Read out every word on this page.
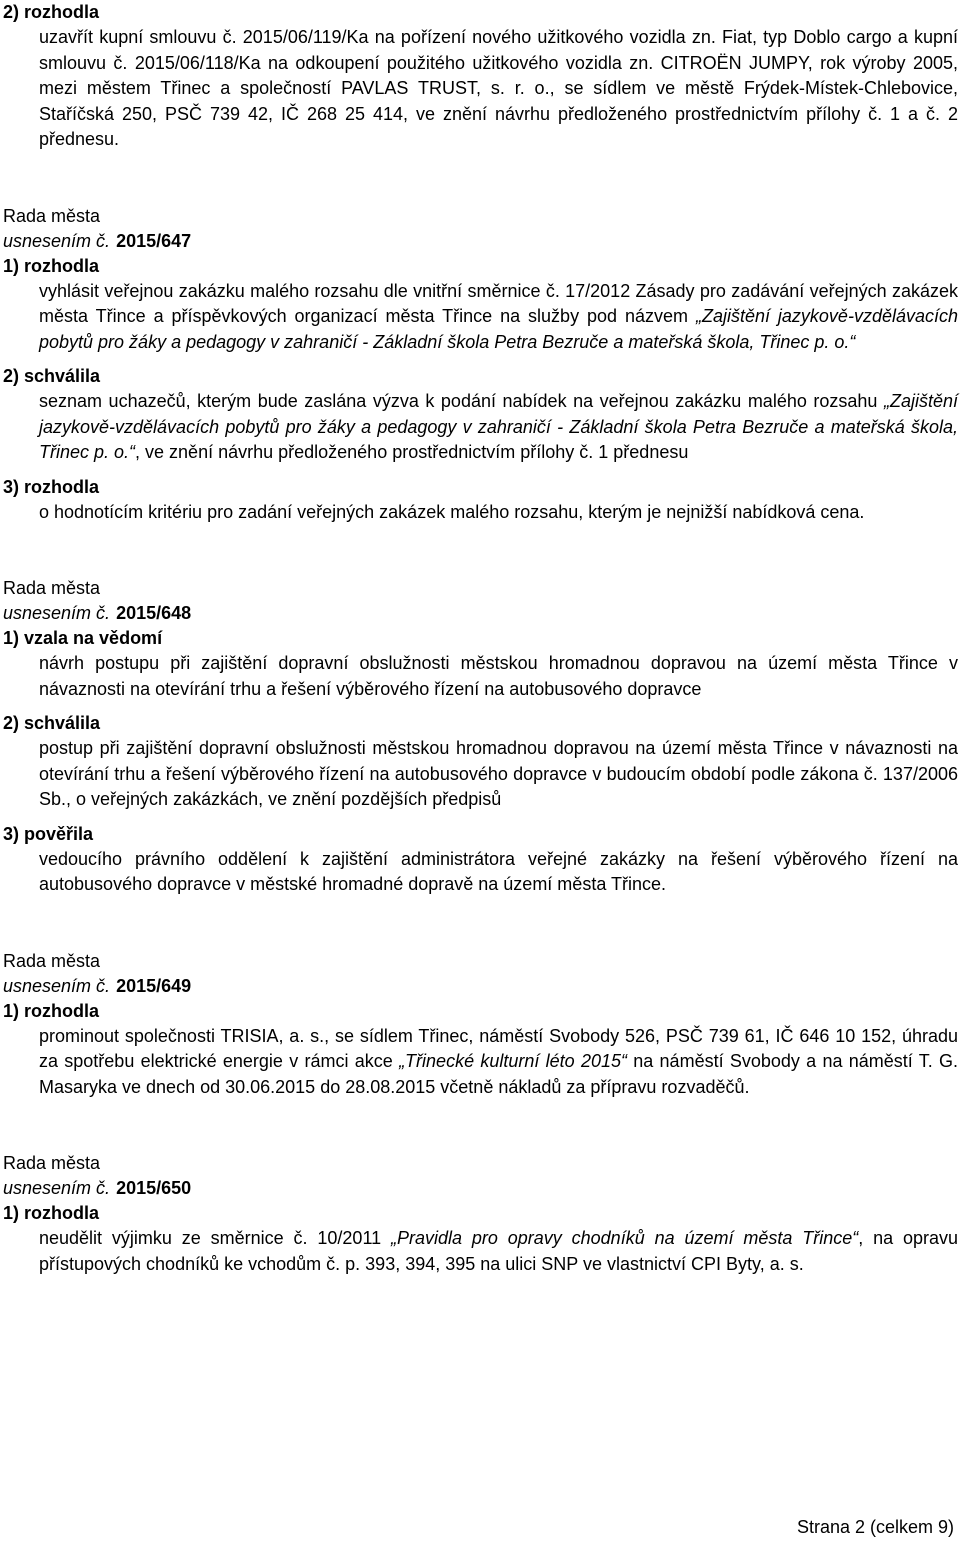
2) rozhodla
uzavřít kupní smlouvu č. 2015/06/119/Ka na pořízení nového užitkového vozidla zn. Fiat, typ Doblo cargo a kupní smlouvu č. 2015/06/118/Ka na odkoupení použitého užitkového vozidla zn. CITROËN JUMPY, rok výroby 2005, mezi městem Třinec a společností PAVLAS TRUST, s. r. o., se sídlem ve městě Frýdek-Místek-Chlebovice, Staříčská 250, PSČ 739 42, IČ 268 25 414, ve znění návrhu předloženého prostřednictvím přílohy č. 1 a č. 2 přednesu.
Rada města
usnesením č. 2015/647
1) rozhodla
vyhlásit veřejnou zakázku malého rozsahu dle vnitřní směrnice č. 17/2012 Zásady pro zadávání veřejných zakázek města Třince a příspěvkových organizací města Třince na služby pod názvem „Zajištění jazykově-vzdělávacích pobytů pro žáky a pedagogy v zahraničí - Základní škola Petra Bezruče a mateřská škola, Třinec p. o.“
2) schválila
seznam uchazečů, kterým bude zaslána výzva k podání nabídek na veřejnou zakázku malého rozsahu „Zajištění jazykově-vzdělávacích pobytů pro žáky a pedagogy v zahraničí - Základní škola Petra Bezruče a mateřská škola, Třinec p. o.“, ve znění návrhu předloženého prostřednictvím přílohy č. 1 přednesu
3) rozhodla
o hodnotícím kritériu pro zadání veřejných zakázek malého rozsahu, kterým je nejnižší nabídková cena.
Rada města
usnesením č. 2015/648
1) vzala na vědomí
návrh postupu při zajištění dopravní obslužnosti městskou hromadnou dopravou na území města Třince v návaznosti na otevírání trhu a řešení výběrového řízení na autobusového dopravce
2) schválila
postup při zajištění dopravní obslužnosti městskou hromadnou dopravou na území města Třince v návaznosti na otevírání trhu a řešení výběrového řízení na autobusového dopravce v budoucím období podle zákona č. 137/2006 Sb., o veřejných zakázkách, ve znění pozdějších předpisů
3) pověřila
vedoucího právního oddělení k zajištění administrátora veřejné zakázky na řešení výběrového řízení na autobusového dopravce v městské hromadné dopravě na území města Třince.
Rada města
usnesením č. 2015/649
1) rozhodla
prominout společnosti TRISIA, a. s., se sídlem Třinec, náměstí Svobody 526, PSČ 739 61, IČ 646 10 152, úhradu za spotřebu elektrické energie v rámci akce „Třinecké kulturní léto 2015“ na náměstí Svobody a na náměstí T. G. Masaryka ve dnech od 30.06.2015 do 28.08.2015 včetně nákladů za přípravu rozvaděčů.
Rada města
usnesením č. 2015/650
1) rozhodla
neudělit výjimku ze směrnice č. 10/2011 „Pravidla pro opravy chodníků na území města Třince“, na opravu přístupových chodníků ke vchodům č. p. 393, 394, 395 na ulici SNP ve vlastnictví CPI Byty, a. s.
Strana 2 (celkem 9)
